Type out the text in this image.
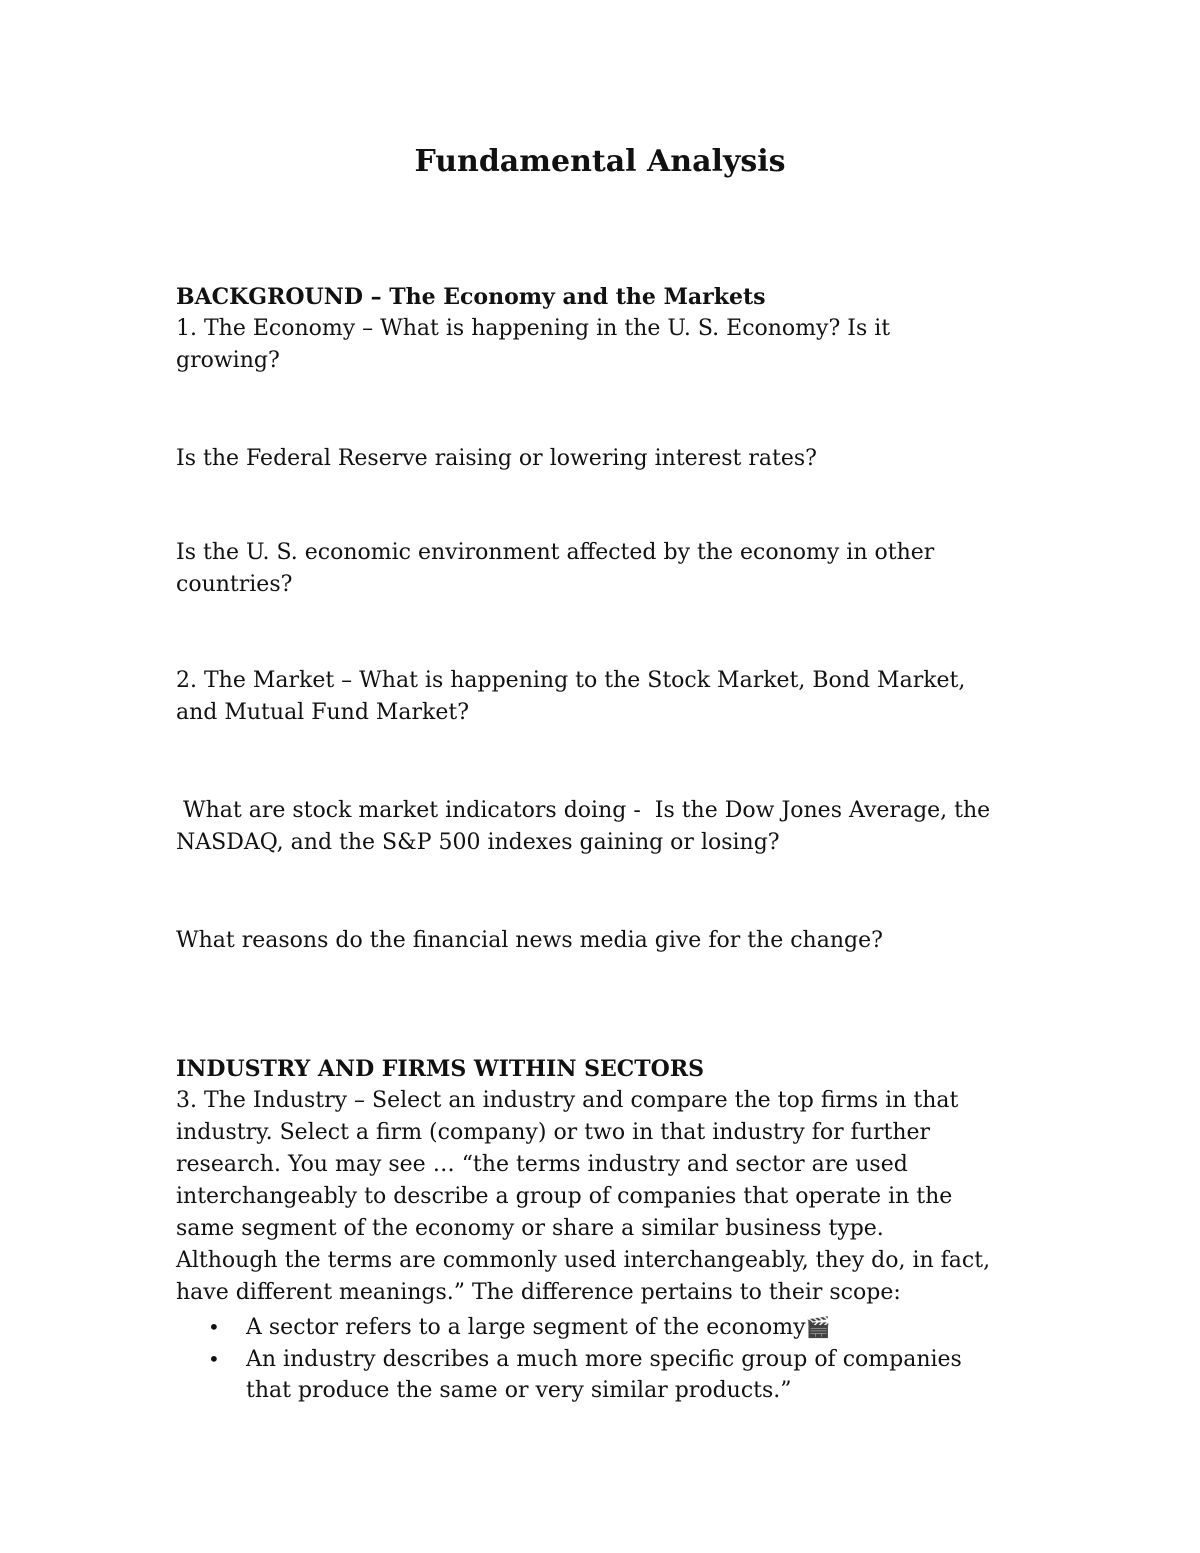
Fundamental Analysis

BACKGROUND – The Economy and the Markets

1. The Economy – What is happening in the U. S. Economy? Is it

growing?

Is the Federal Reserve raising or lowering interest rates?

Is the U. S. economic environment affected by the economy in other

countries?

2. The Market – What is happening to the Stock Market, Bond Market,

and Mutual Fund Market?

What are stock market indicators doing -  Is the Dow Jones Average, the

NASDAQ, and the S&P 500 indexes gaining or losing?

What reasons do the financial news media give for the change?

INDUSTRY AND FIRMS WITHIN SECTORS

3. The Industry – Select an industry and compare the top firms in that

industry. Select a firm (company) or two in that industry for further

research. You may see … “the terms industry and sector are used

interchangeably to describe a group of companies that operate in the

same segment of the economy or share a similar business type.

Although the terms are commonly used interchangeably, they do, in fact,

have different meanings.” The difference pertains to their scope:

• A sector refers to a large segment of the economy🎬
• An industry describes a much more specific group of companies
that produce the same or very similar products.”
